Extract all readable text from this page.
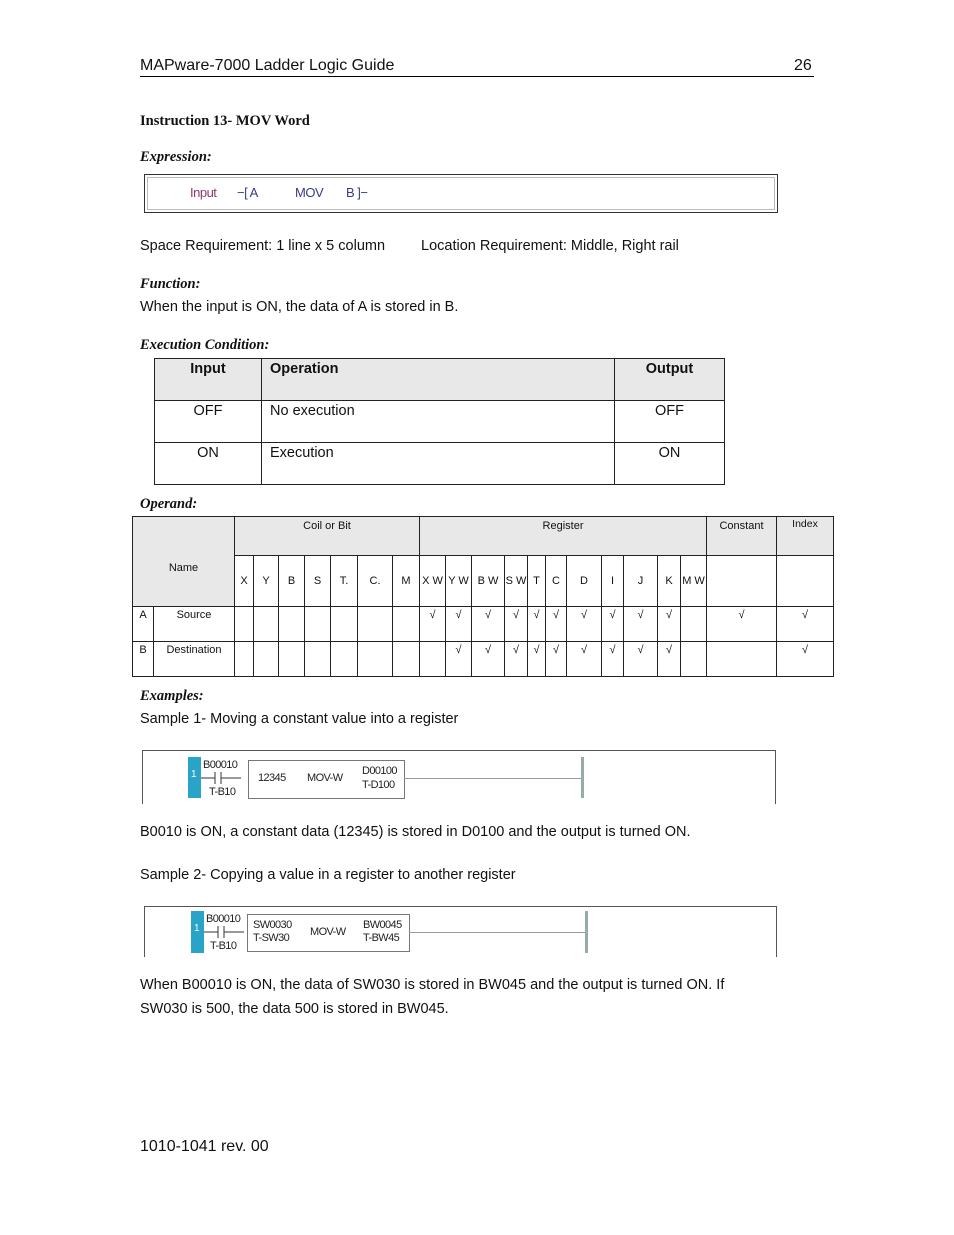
MAPware-7000 Ladder Logic Guide	26
Instruction 13- MOV Word
Expression:
Input −[ A	MOV B ]−
Space Requirement: 1 line x 5 column Location Requirement: Middle, Right rail
Function:
When the input is ON, the data of A is stored in B.
Execution Condition:
Input	Operation	Output
OFF	No execution	OFF
ON	Execution	ON
Operand:
Name		Coil or Bit							Register											Constant	Index
		X	Y	B	S	T.	C.	M	X W	Y W	B W	S W	T	C	D	I	J	K	M W		
A	Source								√	√	√	√	√	√	√	√	√	√		√	√
B	Destination									√	√	√	√	√	√	√	√	√			√
Examples:
Sample 1- Moving a constant value into a register
1
B00010
T-B10
12345 MOV-W
D00100
T-D100
B0010 is ON, a constant data (12345) is stored in D0100 and the output is turned ON.
Sample 2- Copying a value in a register to another register
1
B00010
T-B10
SW0030
T-SW30 MOV-W
BW0045
T-BW45
When B00010 is ON, the data of SW030 is stored in BW045 and the output is turned ON. If
SW030 is 500, the data 500 is stored in BW045.
1010-1041 rev. 00
